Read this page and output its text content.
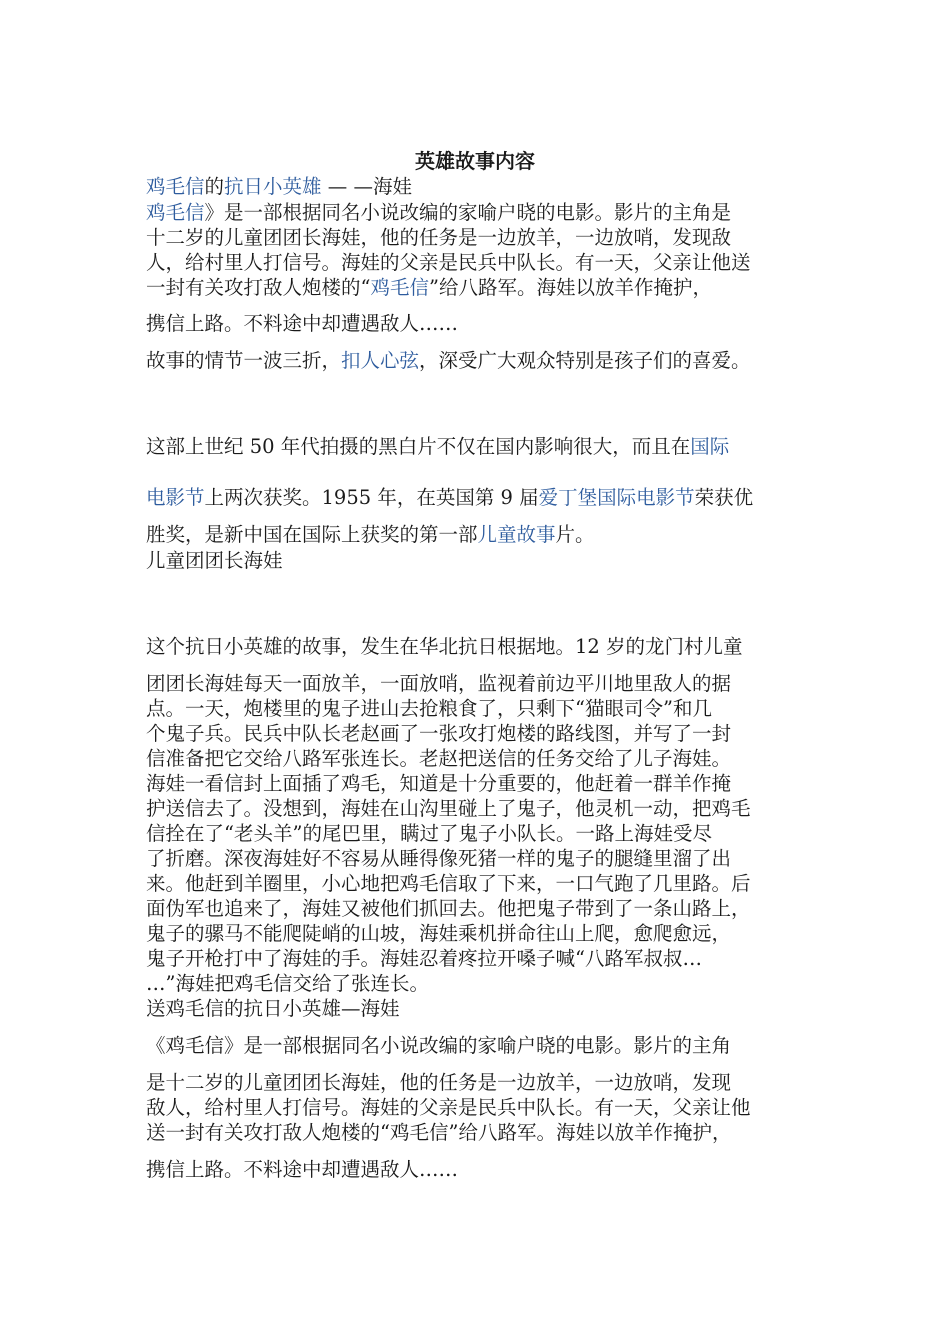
英雄故事内容

鸡毛信的抗日小英雄 — —海娃

鸡毛信》是一部根据同名小说改编的家喻户晓的电影。影片的主角是

十二岁的儿童团团长海娃，他的任务是一边放羊，一边放哨，发现敌

人，给村里人打信号。海娃的父亲是民兵中队长。有一天，父亲让他送

一封有关攻打敌人炮楼的“鸡毛信”给八路军。海娃以放羊作掩护，

携信上路。不料途中却遭遇敌人……

故事的情节一波三折，扣人心弦，深受广大观众特别是孩子们的喜爱。

这部上世纪 50 年代拍摄的黑白片不仅在国内影响很大，而且在国际

电影节上两次获奖。1955 年，在英国第 9 届爱丁堡国际电影节荣获优

胜奖，是新中国在国际上获奖的第一部儿童故事片。

儿童团团长海娃

这个抗日小英雄的故事，发生在华北抗日根据地。12 岁的龙门村儿童

团团长海娃每天一面放羊，一面放哨，监视着前边平川地里敌人的据

点。一天，炮楼里的鬼子进山去抢粮食了，只剩下“猫眼司令”和几

个鬼子兵。民兵中队长老赵画了一张攻打炮楼的路线图，并写了一封

信准备把它交给八路军张连长。老赵把送信的任务交给了儿子海娃。

海娃一看信封上面插了鸡毛，知道是十分重要的，他赶着一群羊作掩

护送信去了。没想到，海娃在山沟里碰上了鬼子，他灵机一动，把鸡毛

信拴在了“老头羊”的尾巴里，瞒过了鬼子小队长。一路上海娃受尽

了折磨。深夜海娃好不容易从睡得像死猪一样的鬼子的腿缝里溜了出

来。他赶到羊圈里，小心地把鸡毛信取了下来，一口气跑了几里路。后

面伪军也追来了，海娃又被他们抓回去。他把鬼子带到了一条山路上，

鬼子的骡马不能爬陡峭的山坡，海娃乘机拼命往山上爬，愈爬愈远，

鬼子开枪打中了海娃的手。海娃忍着疼拉开嗓子喊“八路军叔叔…

…”海娃把鸡毛信交给了张连长。

送鸡毛信的抗日小英雄—海娃

《鸡毛信》是一部根据同名小说改编的家喻户晓的电影。影片的主角

是十二岁的儿童团团长海娃，他的任务是一边放羊，一边放哨，发现

敌人，给村里人打信号。海娃的父亲是民兵中队长。有一天，父亲让他

送一封有关攻打敌人炮楼的“鸡毛信”给八路军。海娃以放羊作掩护，

携信上路。不料途中却遭遇敌人……
